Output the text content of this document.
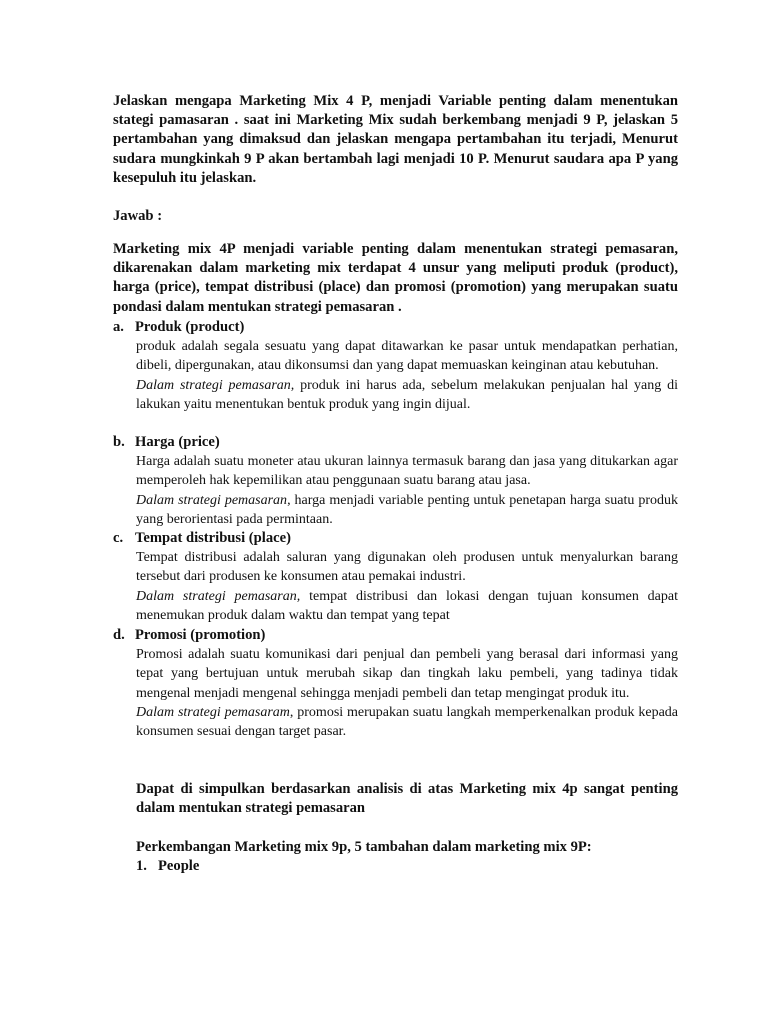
Jelaskan mengapa Marketing Mix 4 P, menjadi Variable penting dalam menentukan stategi pamasaran . saat ini Marketing Mix sudah berkembang menjadi 9 P, jelaskan 5 pertambahan yang dimaksud dan jelaskan mengapa pertambahan itu terjadi, Menurut sudara mungkinkah 9 P akan bertambah lagi menjadi 10 P. Menurut saudara apa P yang kesepuluh itu jelaskan.
Jawab :
Marketing mix 4P menjadi variable penting dalam menentukan strategi pemasaran, dikarenakan dalam marketing mix terdapat 4 unsur yang meliputi produk (product), harga (price), tempat distribusi (place) dan promosi (promotion) yang merupakan suatu pondasi dalam mentukan strategi pemasaran .
a. Produk (product)
produk adalah segala sesuatu yang dapat ditawarkan ke pasar untuk mendapatkan perhatian, dibeli, dipergunakan, atau dikonsumsi dan yang dapat memuaskan keinginan atau kebutuhan.
Dalam strategi pemasaran, produk ini harus ada, sebelum melakukan penjualan hal yang di lakukan yaitu menentukan bentuk produk yang ingin dijual.
b. Harga (price)
Harga adalah suatu moneter atau ukuran lainnya termasuk barang dan jasa yang ditukarkan agar memperoleh hak kepemilikan atau penggunaan suatu barang atau jasa.
Dalam strategi pemasaran, harga menjadi variable penting untuk penetapan harga suatu produk yang berorientasi pada permintaan.
c. Tempat distribusi (place)
Tempat distribusi adalah saluran yang digunakan oleh produsen untuk menyalurkan barang tersebut dari produsen ke konsumen atau pemakai industri.
Dalam strategi pemasaran, tempat distribusi dan lokasi dengan tujuan konsumen dapat menemukan produk dalam waktu dan tempat yang tepat
d. Promosi (promotion)
Promosi adalah suatu komunikasi dari penjual dan pembeli yang berasal dari informasi yang tepat yang bertujuan untuk merubah sikap dan tingkah laku pembeli, yang tadinya tidak mengenal menjadi mengenal sehingga menjadi pembeli dan tetap mengingat produk itu.
Dalam strategi pemasaram, promosi merupakan suatu langkah memperkenalkan produk kepada konsumen sesuai dengan target pasar.
Dapat di simpulkan berdasarkan analisis di atas Marketing mix 4p sangat penting dalam mentukan strategi pemasaran
Perkembangan Marketing mix 9p, 5 tambahan dalam marketing mix 9P:
1. People
